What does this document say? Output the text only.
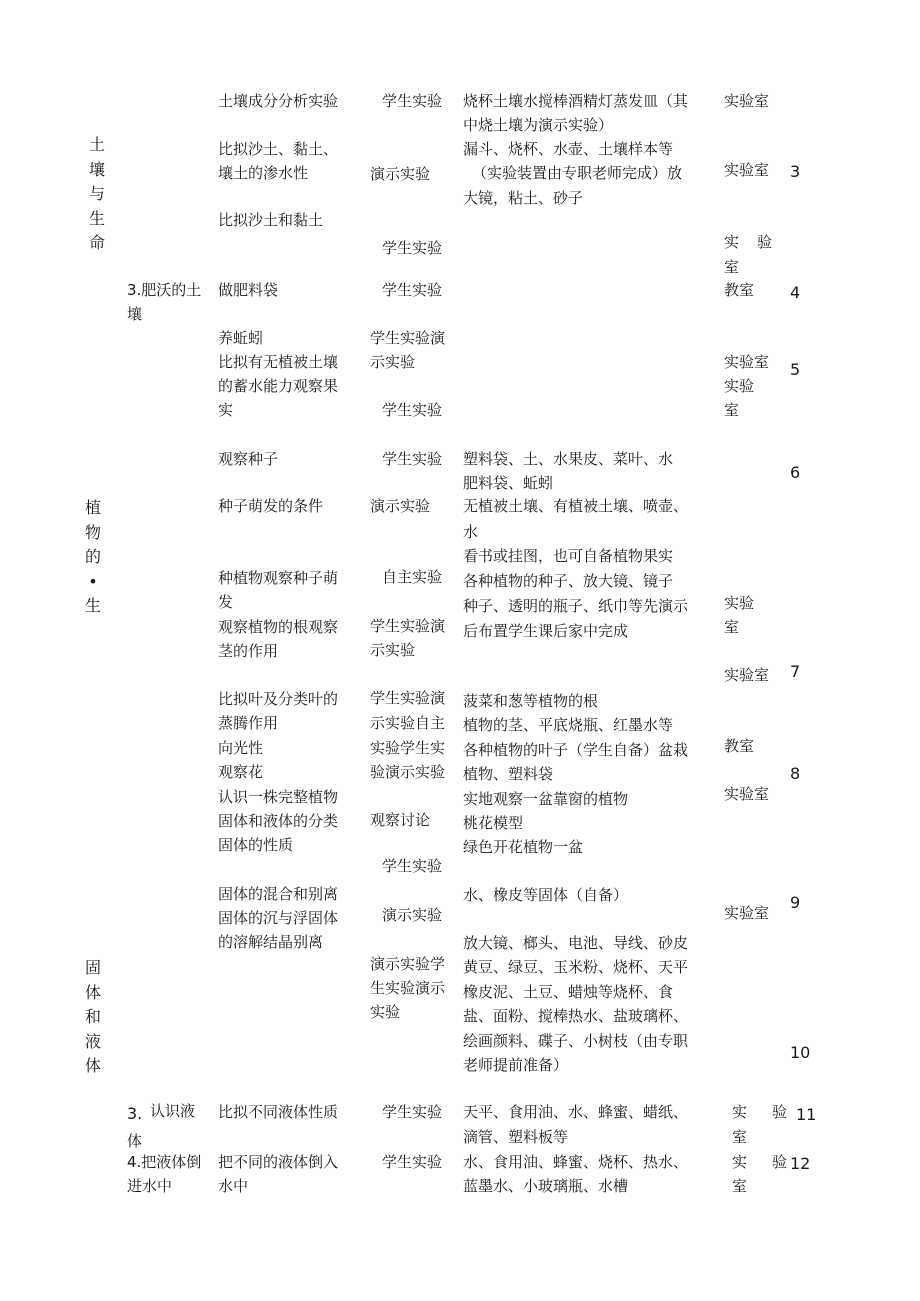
土
壤
与
生
命
植
物
的
•
生
固
体
和
液
体
3.肥沃的土
壤
3. 认识液
体
4.把液体倒
进水中
土壤成分分析实验
比拟沙土、黏土、
壤土的渗水性
比拟沙土和黏土
做肥料袋
养蚯蚓
比拟有无植被土壤
的蓄水能力观察果
实
观察种子
种子萌发的条件
种植物观察种子萌
发
观察植物的根观察
茎的作用
比拟叶及分类叶的
蒸腾作用
向光性
观察花
认识一株完整植物
固体和液体的分类
固体的性质
固体的混合和别离
固体的沉与浮固体
的溶解结晶别离
比拟不同液体性质
把不同的液体倒入
水中
学生实验
演示实验
学生实验
学生实验
学生实验演
示实验
学生实验
学生实验
演示实验
自主实验
学生实验演
示实验
学生实验演
示实验自主
实验学生实
验演示实验
观察讨论
学生实验
演示实验
演示实验学
生实验演示
实验
学生实验
学生实验
烧杯土壤水搅棒酒精灯蒸发皿（其
中烧土壤为演示实验）
漏斗、烧杯、水壶、土壤样本等
（实验装置由专职老师完成）放
大镜，粘土、砂子
塑料袋、土、水果皮、菜叶、水
肥料袋、蚯蚓
无植被土壤、有植被土壤、喷壶、
水
看书或挂图，也可自备植物果实
各种植物的种子、放大镜、镜子
种子、透明的瓶子、纸巾等先演示
后布置学生课后家中完成
菠菜和葱等植物的根
植物的茎、平底烧瓶、红墨水等
各种植物的叶子（学生自备）盆栽
植物、塑料袋
实地观察一盆靠窗的植物
桃花模型
绿色开花植物一盆
水、橡皮等固体（自备）
放大镜、榔头、电池、导线、砂皮
黄豆、绿豆、玉米粉、烧杯、天平
橡皮泥、土豆、蜡烛等烧杯、食
盐、面粉、搅棒热水、盐玻璃杯、
绘画颜料、碟子、小树枝（由专职
老师提前准备）
天平、食用油、水、蜂蜜、蜡纸、
滴管、塑料板等
水、食用油、蜂蜜、烧杯、热水、
蓝墨水、小玻璃瓶、水槽
实验室
实验室
实 验
室
教室
实验室
实验
室
实验
室
实验室
教室
实验室
实验室
实 验
室
实 验
室
3
4
5
6
7
8
9
10
11
12
